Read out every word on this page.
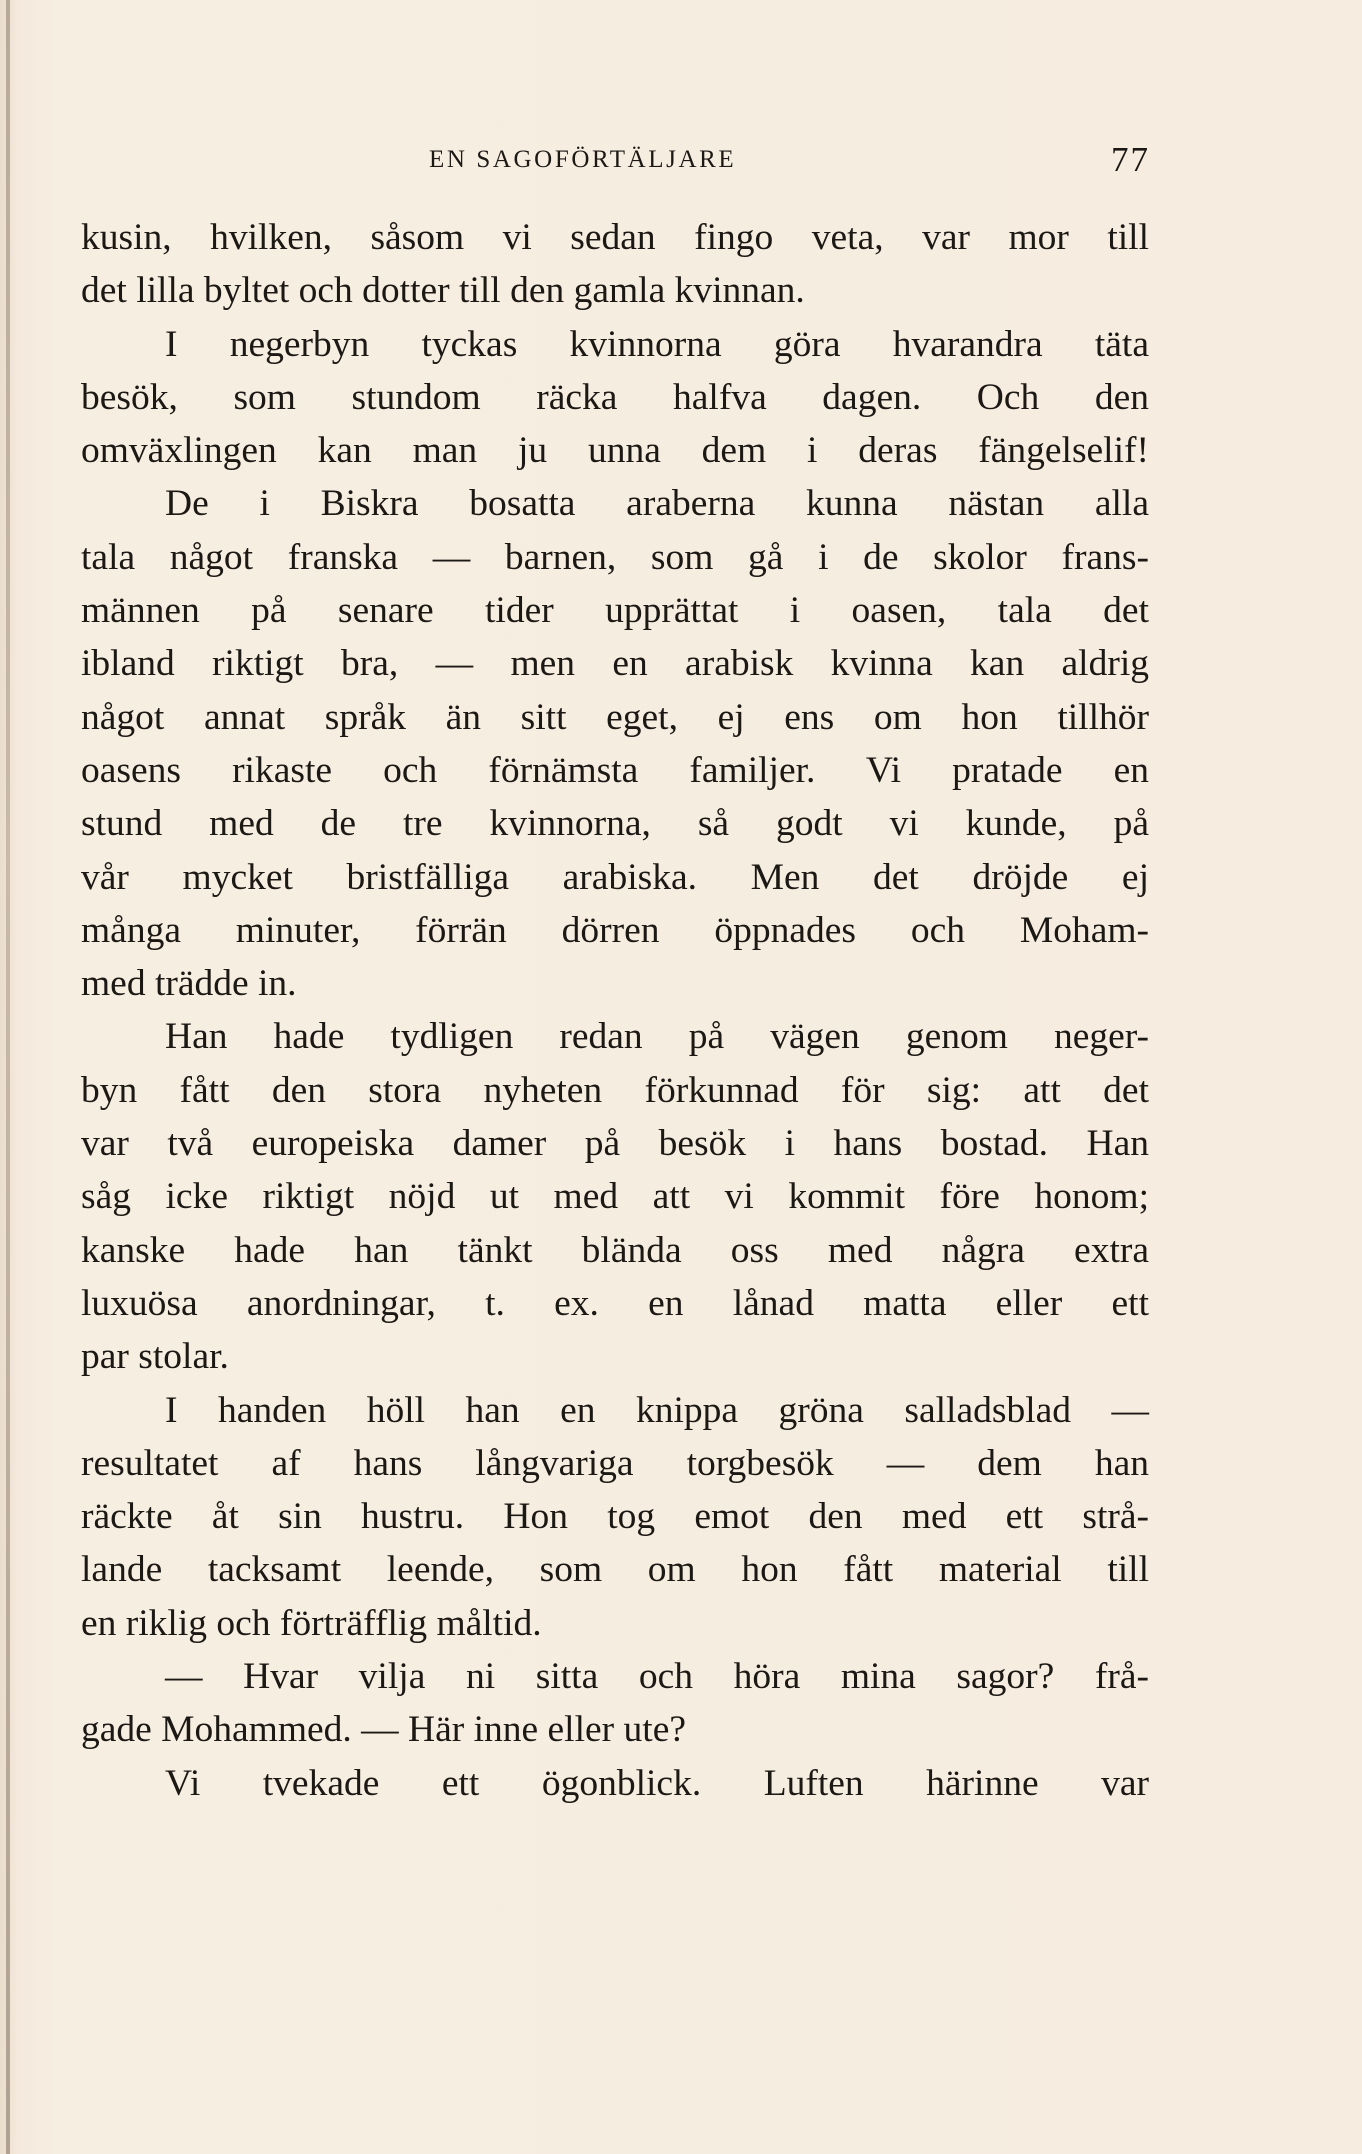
EN SAGOFÖRTÄLJARE	77
kusin, hvilken, såsom vi sedan fingo veta, var mor till
det lilla byltet och dotter till den gamla kvinnan.
I negerbyn tyckas kvinnorna göra hvarandra täta
besök, som stundom räcka halfva dagen. Och den
omväxlingen kan man ju unna dem i deras fängelselif!
De i Biskra bosatta araberna kunna nästan alla
tala något franska — barnen, som gå i de skolor frans-
männen på senare tider upprättat i oasen, tala det
ibland riktigt bra, — men en arabisk kvinna kan aldrig
något annat språk än sitt eget, ej ens om hon tillhör
oasens rikaste och förnämsta familjer. Vi pratade en
stund med de tre kvinnorna, så godt vi kunde, på
vår mycket bristfälliga arabiska. Men det dröjde ej
många minuter, förrän dörren öppnades och Moham-
med trädde in.
Han hade tydligen redan på vägen genom neger-
byn fått den stora nyheten förkunnad för sig: att det
var två europeiska damer på besök i hans bostad. Han
såg icke riktigt nöjd ut med att vi kommit före honom;
kanske hade han tänkt blända oss med några extra
luxuösa anordningar, t. ex. en lånad matta eller ett
par stolar.
I handen höll han en knippa gröna salladsblad —
resultatet af hans långvariga torgbesök — dem han
räckte åt sin hustru. Hon tog emot den med ett strå-
lande tacksamt leende, som om hon fått material till
en riklig och förträfflig måltid.
— Hvar vilja ni sitta och höra mina sagor? frå-
gade Mohammed. — Här inne eller ute?
Vi tvekade ett ögonblick. Luften härinne var
